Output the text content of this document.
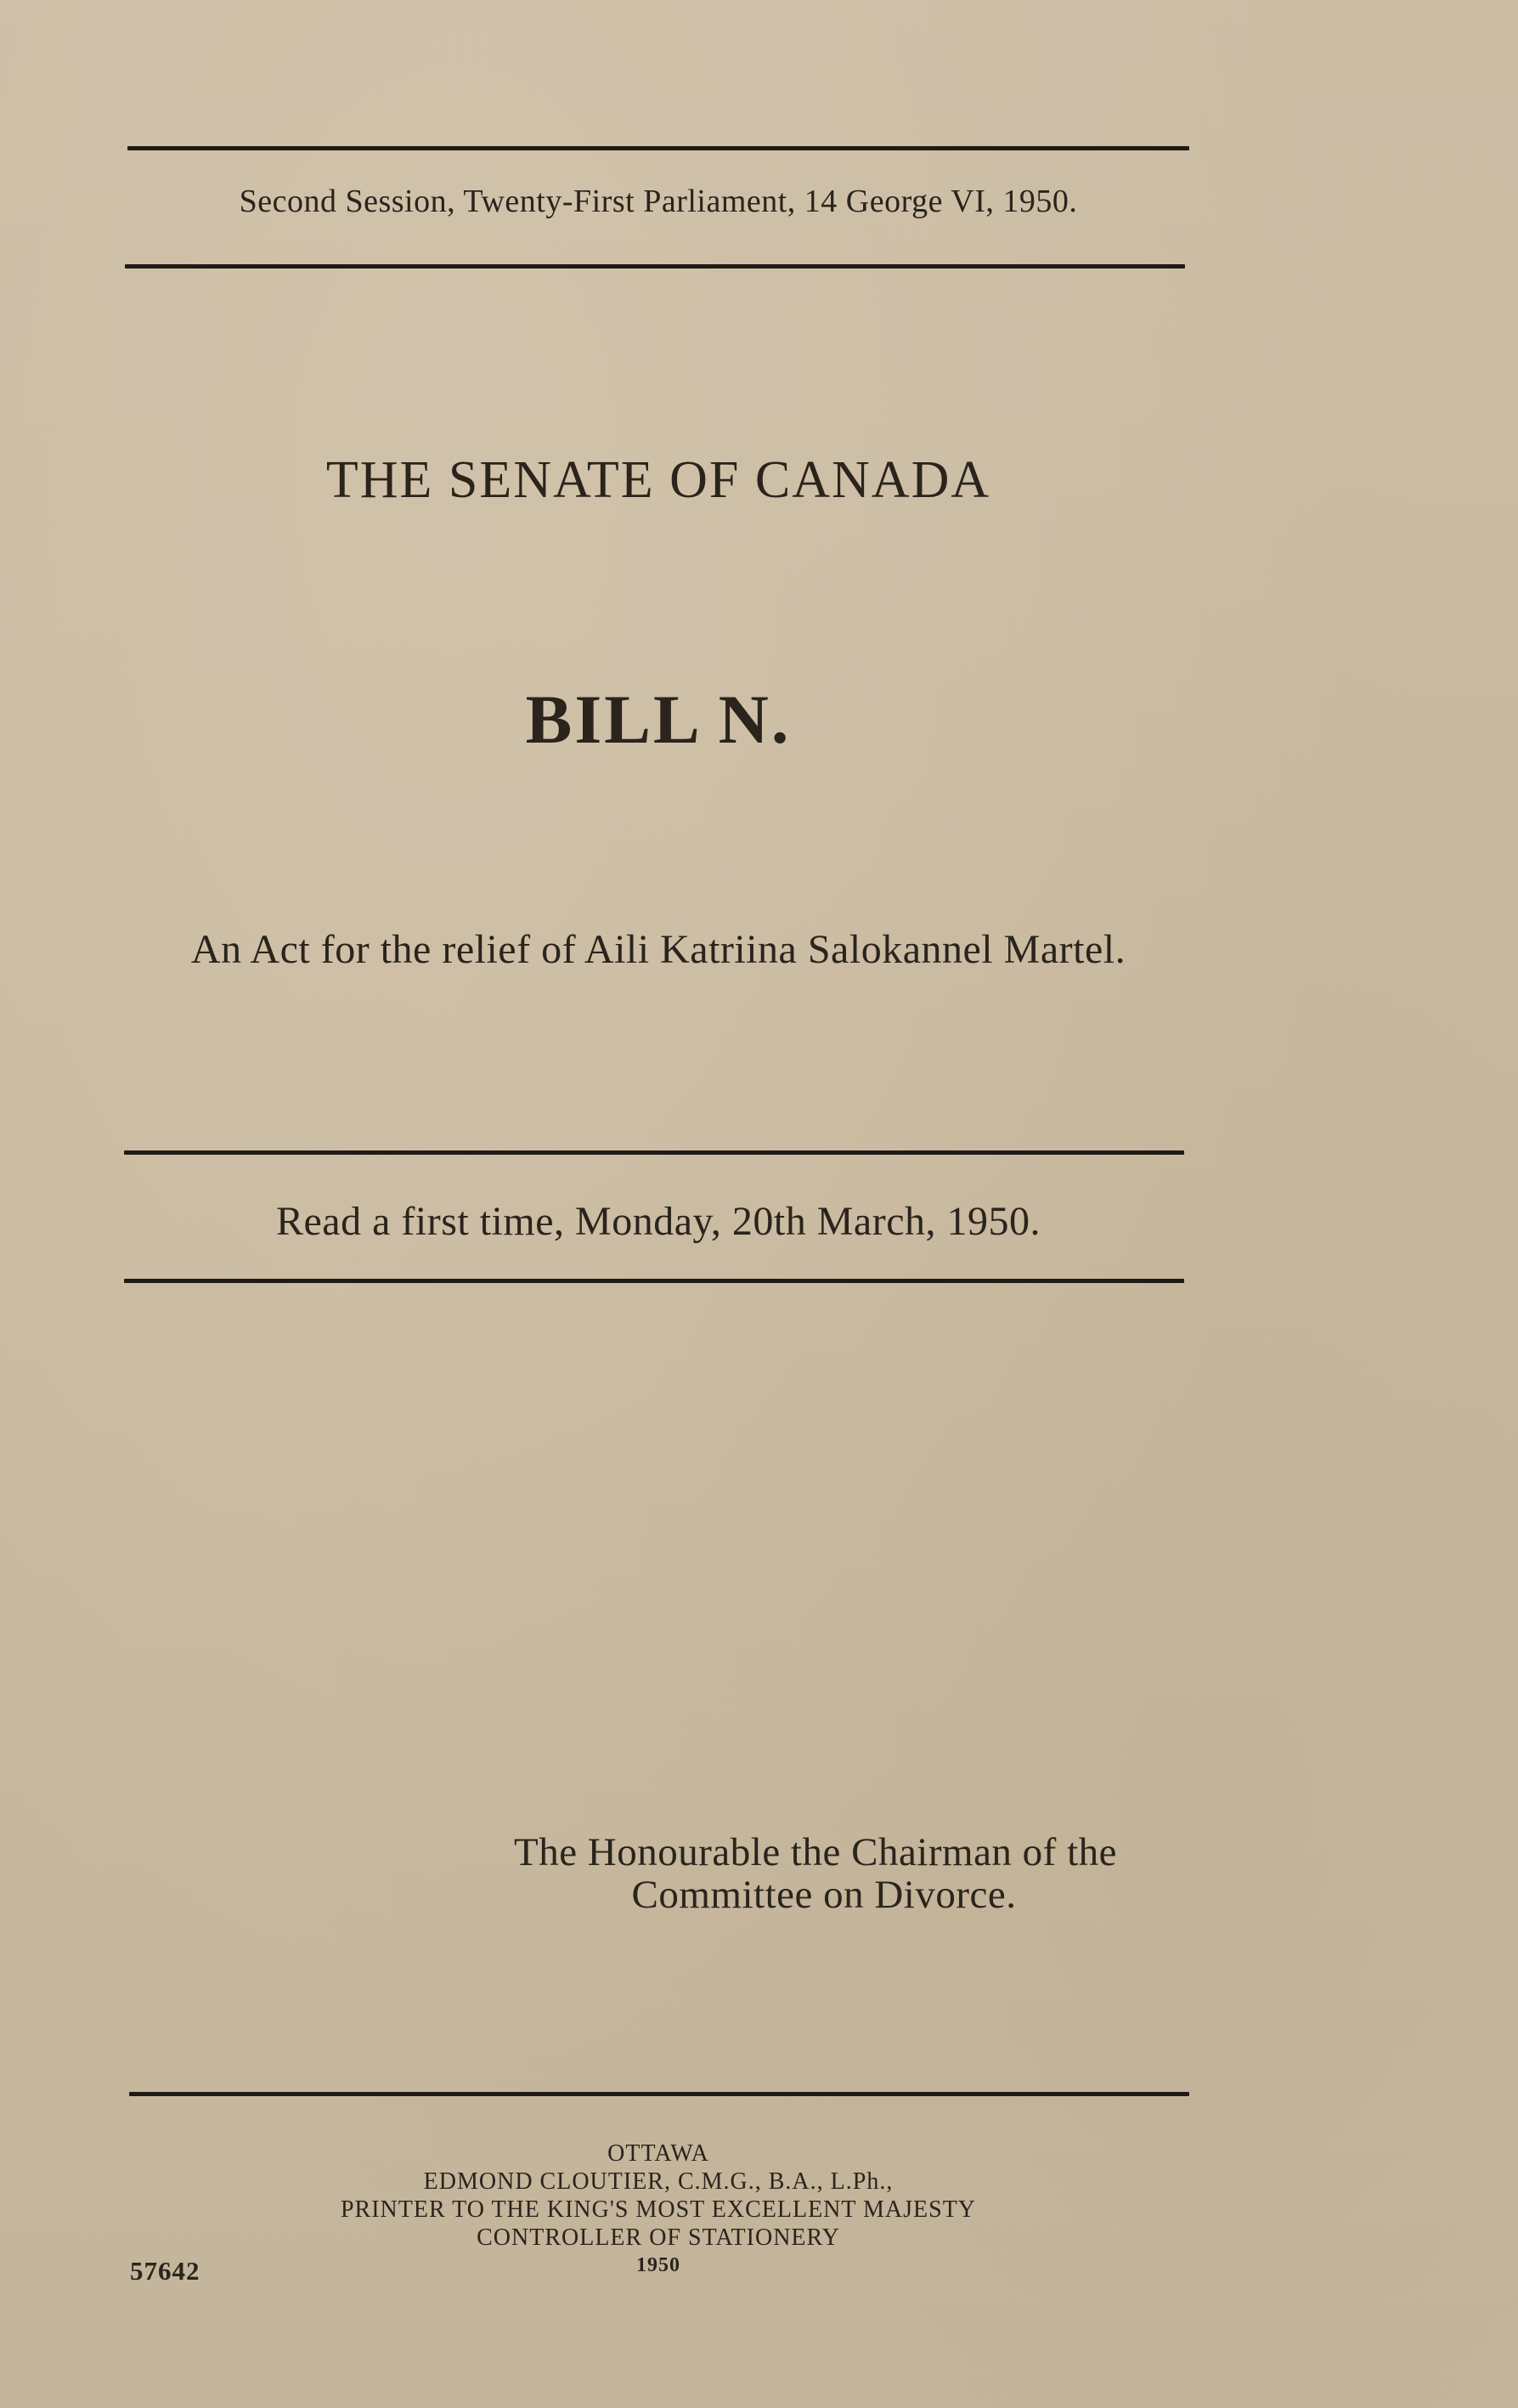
Second Session, Twenty-First Parliament, 14 George VI, 1950.
THE SENATE OF CANADA
BILL N.
An Act for the relief of Aili Katriina Salokannel Martel.
Read a first time, Monday, 20th March, 1950.
The Honourable the Chairman of the
Committee on Divorce.
OTTAWA
EDMOND CLOUTIER, C.M.G., B.A., L.Ph.,
PRINTER TO THE KING'S MOST EXCELLENT MAJESTY
CONTROLLER OF STATIONERY
1950
57642
